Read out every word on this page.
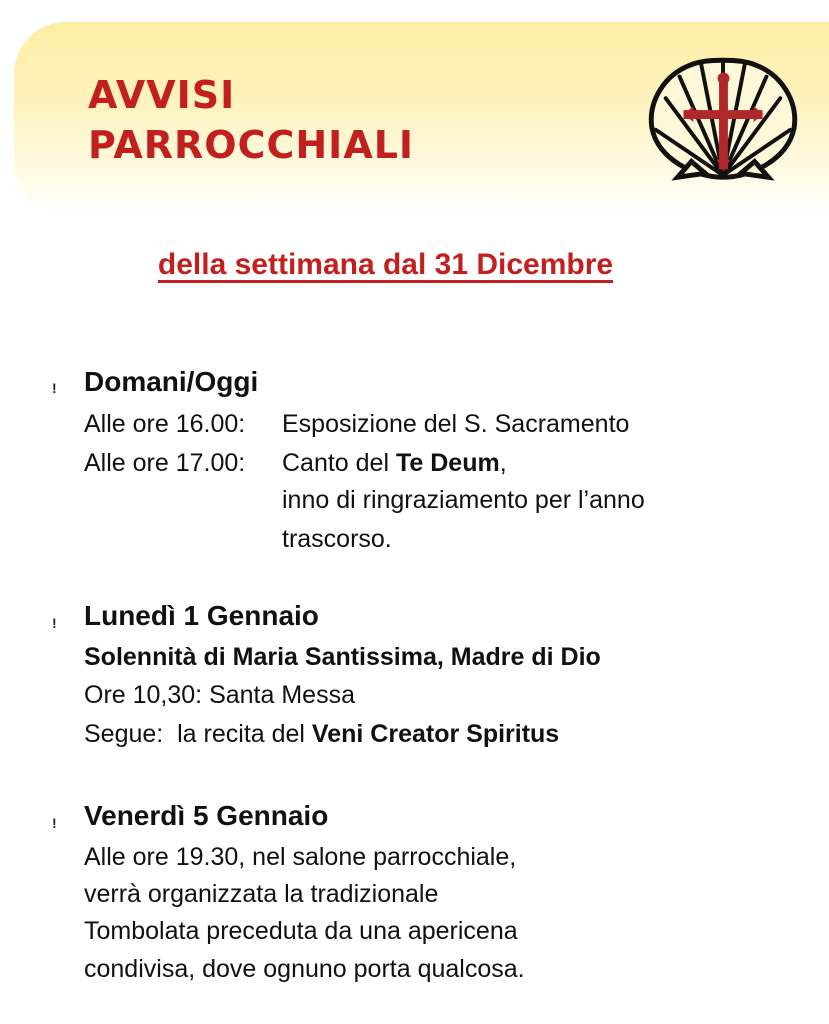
AVVISI
PARROCCHIALI
della settimana dal 31 Dicembre
! Domani/Oggi
Alle ore 16.00: Esposizione del S. Sacramento
Alle ore 17.00: Canto del Te Deum,
inno di ringraziamento per l’anno
trascorso.
! Lunedì 1 Gennaio
Solennità di Maria Santissima, Madre di Dio
Ore 10,30: Santa Messa
Segue:  la recita del Veni Creator Spiritus
! Venerdì 5 Gennaio
Alle ore 19.30, nel salone parrocchiale,
verrà organizzata la tradizionale
Tombolata preceduta da una apericena
condivisa, dove ognuno porta qualcosa.
